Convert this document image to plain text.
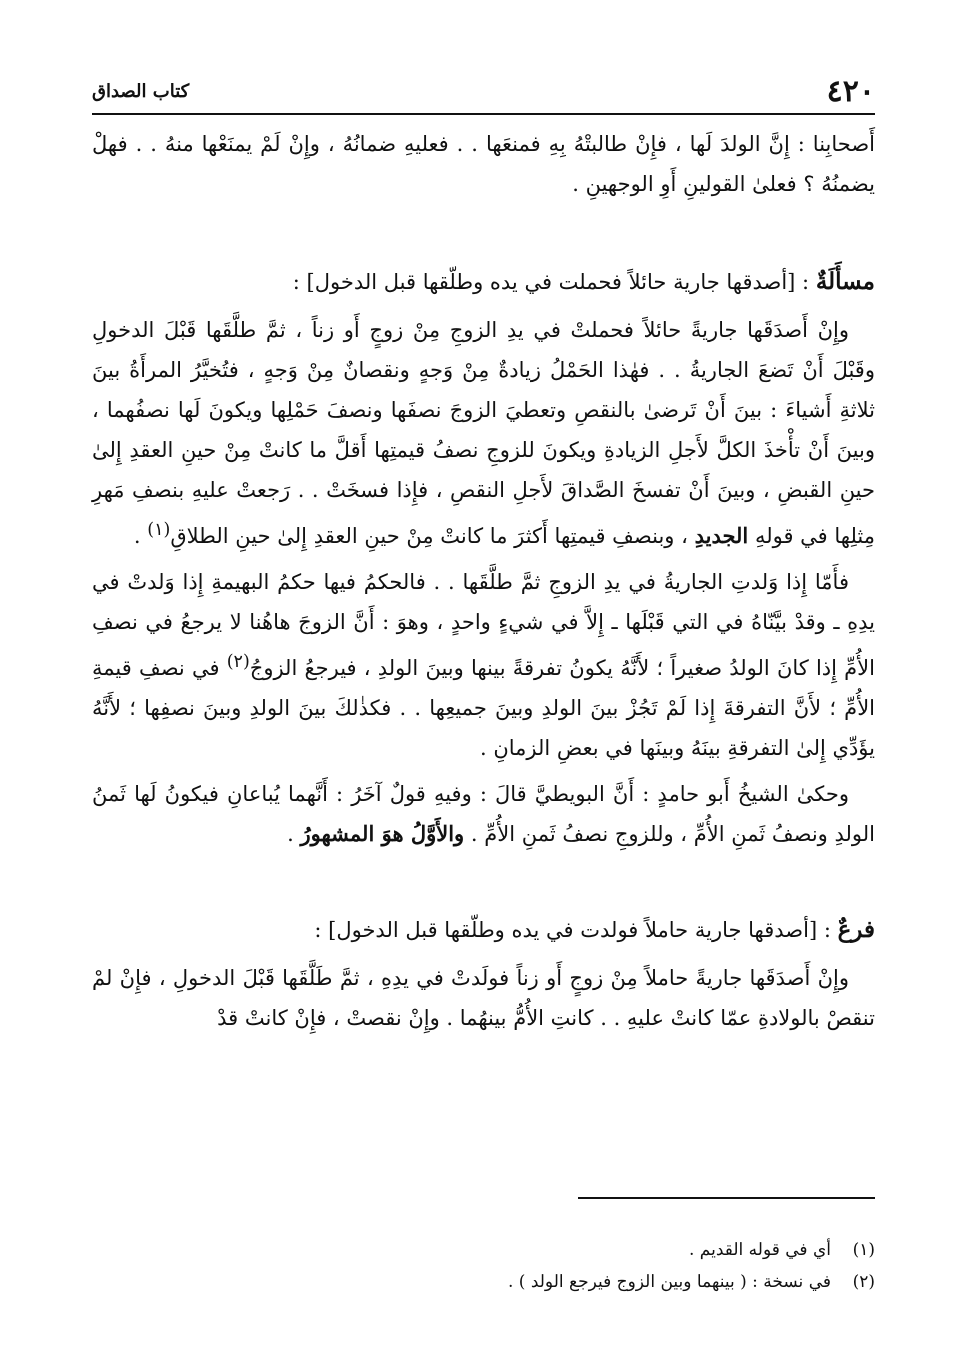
٤٢٠
كتاب الصداق

أَصحابِنا : إِنَّ الولدَ لَها ، فإِنْ طالبتْهُ بِهِ فمنعَها . . فعليهِ ضمانُهُ ، وإِنْ لَمْ يمنَعْها منهُ . . فهلْ يضمنُهُ ؟ فعلىٰ القولينِ أَوِ الوجهينِ .

مسأَلَةٌ : [أصدقها جارية حائلاً فحملت في يده وطلّقها قبل الدخول] :

وإِنْ أَصدَقَها جاريةً حائلاً فحملتْ في يدِ الزوجِ مِنْ زوجٍ أَو زناً ، ثمَّ طلَّقَها قَبْلَ الدخولِ وقَبْلَ أَنْ تَضعَ الجاريةُ . . فهٰذا الحَمْلُ زيادةٌ مِنْ وَجهٍ ونقصانٌ مِنْ وَجهٍ ، فتُخيَّرُ المرأَةُ بينَ ثلاثةِ أَشياءَ : بينَ أَنْ تَرضىٰ بالنقصِ وتعطيَ الزوجَ نصفَها ونصفَ حَمْلِها ويكونَ لَها نصفُهما ، وبينَ أَنْ تأْخذَ الكلَّ لأَجلِ الزيادةِ ويكونَ للزوجِ نصفُ قيمتِها أَقلَّ ما كانتْ مِنْ حينِ العقدِ إِلىٰ حينِ القبضِ ، وبينَ أَنْ تفسخَ الصَّداقَ لأَجلِ النقصِ ، فإِذا فسخَتْ . . رَجعتْ عليهِ بنصفِ مَهرِ مِثلِها في قولهِ الجديدِ ، وبنصفِ قيمتِها أَكثرَ ما كانتْ مِنْ حينِ العقدِ إِلىٰ حينِ الطلاقِ$^{(١)}$ .

فأَمّا إِذا وَلدتِ الجاريةُ في يدِ الزوجِ ثمَّ طلَّقَها . . فالحكمُ فيها حكمُ البهيمةِ إِذا وَلدتْ في يدِهِ ـ وقدْ بيَّنّاهُ في التي قَبْلَها ـ إِلاَّ في شيءٍ واحدٍ ، وهوَ : أَنَّ الزوجَ هاهُنا لا يرجعُ في نصفِ الأُمِّ إِذا كانَ الولدُ صغيراً ؛ لأَنَّهُ يكونُ تفرقةً بينها وبينَ الولدِ ، فيرجعُ الزوجُ$^{(٢)}$ في نصفِ قيمةِ الأُمِّ ؛ لأَنَّ التفرقةَ إِذا لَمْ تَجُزْ بينَ الولدِ وبينَ جميعِها . . فكذٰلكَ بينَ الولدِ وبينَ نصفِها ؛ لأَنَّهُ يؤَدِّي إِلىٰ التفرقةِ بينَهُ وبينَها في بعضِ الزمانِ .

وحكىٰ الشيخُ أَبو حامدٍ : أَنَّ البويطيَّ قالَ : وفيهِ قولٌ آخَرُ : أَنَّهما يُباعانِ فيكونُ لَها ثَمنُ الولدِ ونصفُ ثَمنِ الأُمِّ ، وللزوجِ نصفُ ثَمنِ الأُمِّ . والأَوَّلُ هوَ المشهورُ .

فرعٌ : [أصدقها جارية حاملاً فولدت في يده وطلّقها قبل الدخول] :

وإِنْ أَصدَقَها جاريةً حاملاً مِنْ زوجٍ أَو زناً فولَدتْ في يدِهِ ، ثمَّ طَلَّقَها قَبْلَ الدخولِ ، فإِنْ لمْ تنقصْ بالولادةِ عمّا كانتْ عليهِ . . كانتِ الأُمُّ بينهُما . وإِنْ نقصتْ ، فإِنْ كانتْ قدْ

(١)
أي في قوله القديم .
(٢)
في نسخة : ( بينهما وبين الزوج فيرجع الولد ) .
